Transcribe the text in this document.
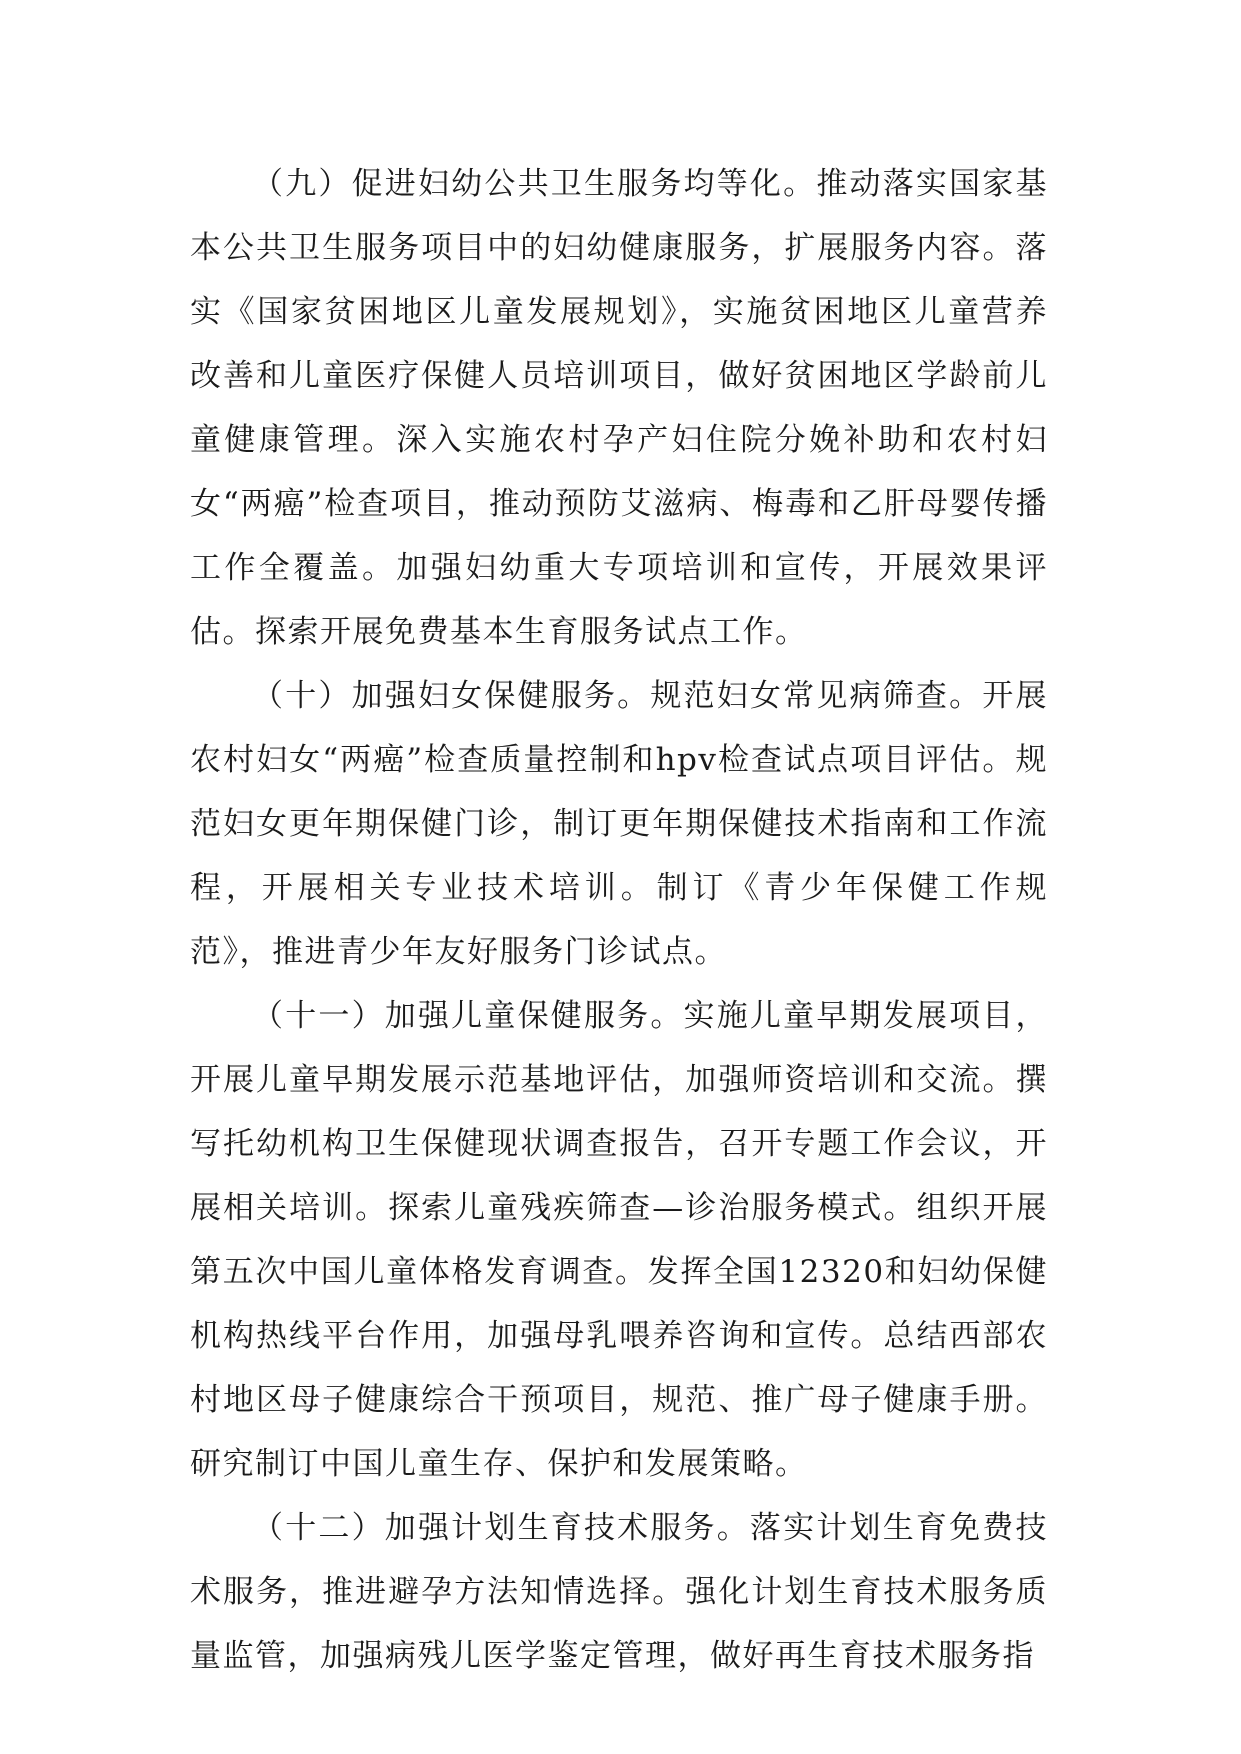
（九）促进妇幼公共卫生服务均等化。推动落实国家基本公共卫生服务项目中的妇幼健康服务，扩展服务内容。落实《国家贫困地区儿童发展规划》，实施贫困地区儿童营养改善和儿童医疗保健人员培训项目，做好贫困地区学龄前儿童健康管理。深入实施农村孕产妇住院分娩补助和农村妇女“两癌”检查项目，推动预防艾滋病、梅毒和乙肝母婴传播工作全覆盖。加强妇幼重大专项培训和宣传，开展效果评估。探索开展免费基本生育服务试点工作。

（十）加强妇女保健服务。规范妇女常见病筛查。开展农村妇女“两癌”检查质量控制和hpv检查试点项目评估。规范妇女更年期保健门诊，制订更年期保健技术指南和工作流程，开展相关专业技术培训。制订《青少年保健工作规范》，推进青少年友好服务门诊试点。

（十一）加强儿童保健服务。实施儿童早期发展项目，开展儿童早期发展示范基地评估，加强师资培训和交流。撰写托幼机构卫生保健现状调查报告，召开专题工作会议，开展相关培训。探索儿童残疾筛查—诊治服务模式。组织开展第五次中国儿童体格发育调查。发挥全国12320和妇幼保健机构热线平台作用，加强母乳喂养咨询和宣传。总结西部农村地区母子健康综合干预项目，规范、推广母子健康手册。研究制订中国儿童生存、保护和发展策略。

（十二）加强计划生育技术服务。落实计划生育免费技术服务，推进避孕方法知情选择。强化计划生育技术服务质量监管，加强病残儿医学鉴定管理，做好再生育技术服务指
